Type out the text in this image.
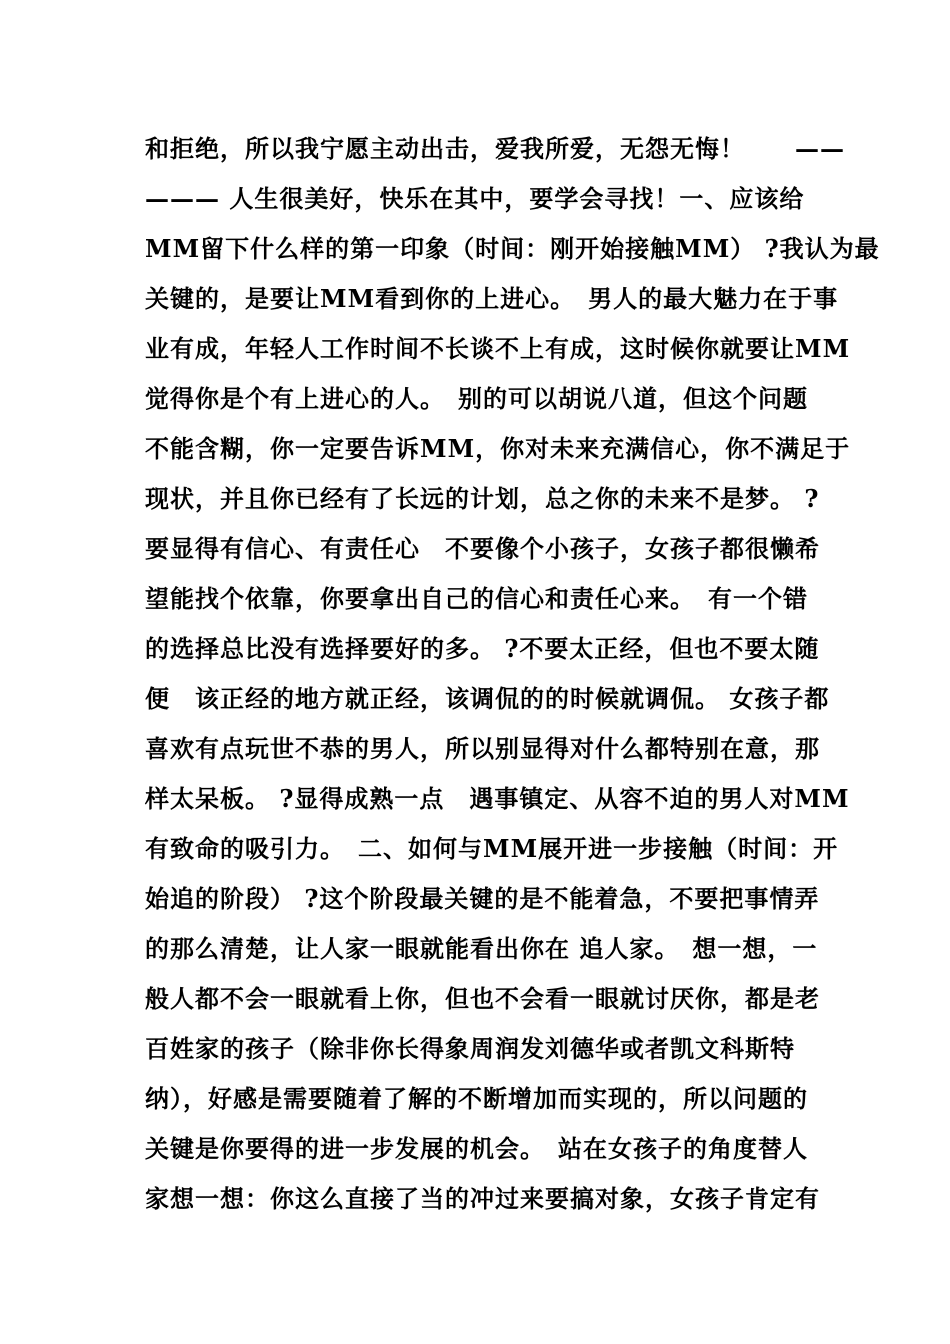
和拒绝，所以我宁愿主动出击，爱我所爱，无怨无悔！　　——
——— 人生很美好，快乐在其中，要学会寻找！一、应该给
MM留下什么样的第一印象（时间：刚开始接触MM） ?我认为最
关键的，是要让MM看到你的上进心。　男人的最大魅力在于事
业有成，年轻人工作时间不长谈不上有成，这时候你就要让MM
觉得你是个有上进心的人。　别的可以胡说八道，但这个问题
不能含糊，你一定要告诉MM，你对未来充满信心，你不满足于
现状，并且你已经有了长远的计划，总之你的未来不是梦。 ?
要显得有信心、有责任心　不要像个小孩子，女孩子都很懒希
望能找个依靠，你要拿出自己的信心和责任心来。　有一个错
的选择总比没有选择要好的多。 ?不要太正经，但也不要太随
便　该正经的地方就正经，该调侃的的时候就调侃。 女孩子都
喜欢有点玩世不恭的男人，所以别显得对什么都特别在意，那
样太呆板。 ?显得成熟一点　遇事镇定、从容不迫的男人对MM
有致命的吸引力。　二、如何与MM展开进一步接触（时间：开
始追的阶段） ?这个阶段最关键的是不能着急，不要把事情弄
的那么清楚，让人家一眼就能看出你在 追人家。　想一想，一
般人都不会一眼就看上你，但也不会看一眼就讨厌你，都是老
百姓家的孩子（除非你长得象周润发刘德华或者凯文科斯特
纳），好感是需要随着了解的不断增加而实现的，所以问题的
关键是你要得的进一步发展的机会。　站在女孩子的角度替人
家想一想：你这么直接了当的冲过来要搞对象，女孩子肯定有
